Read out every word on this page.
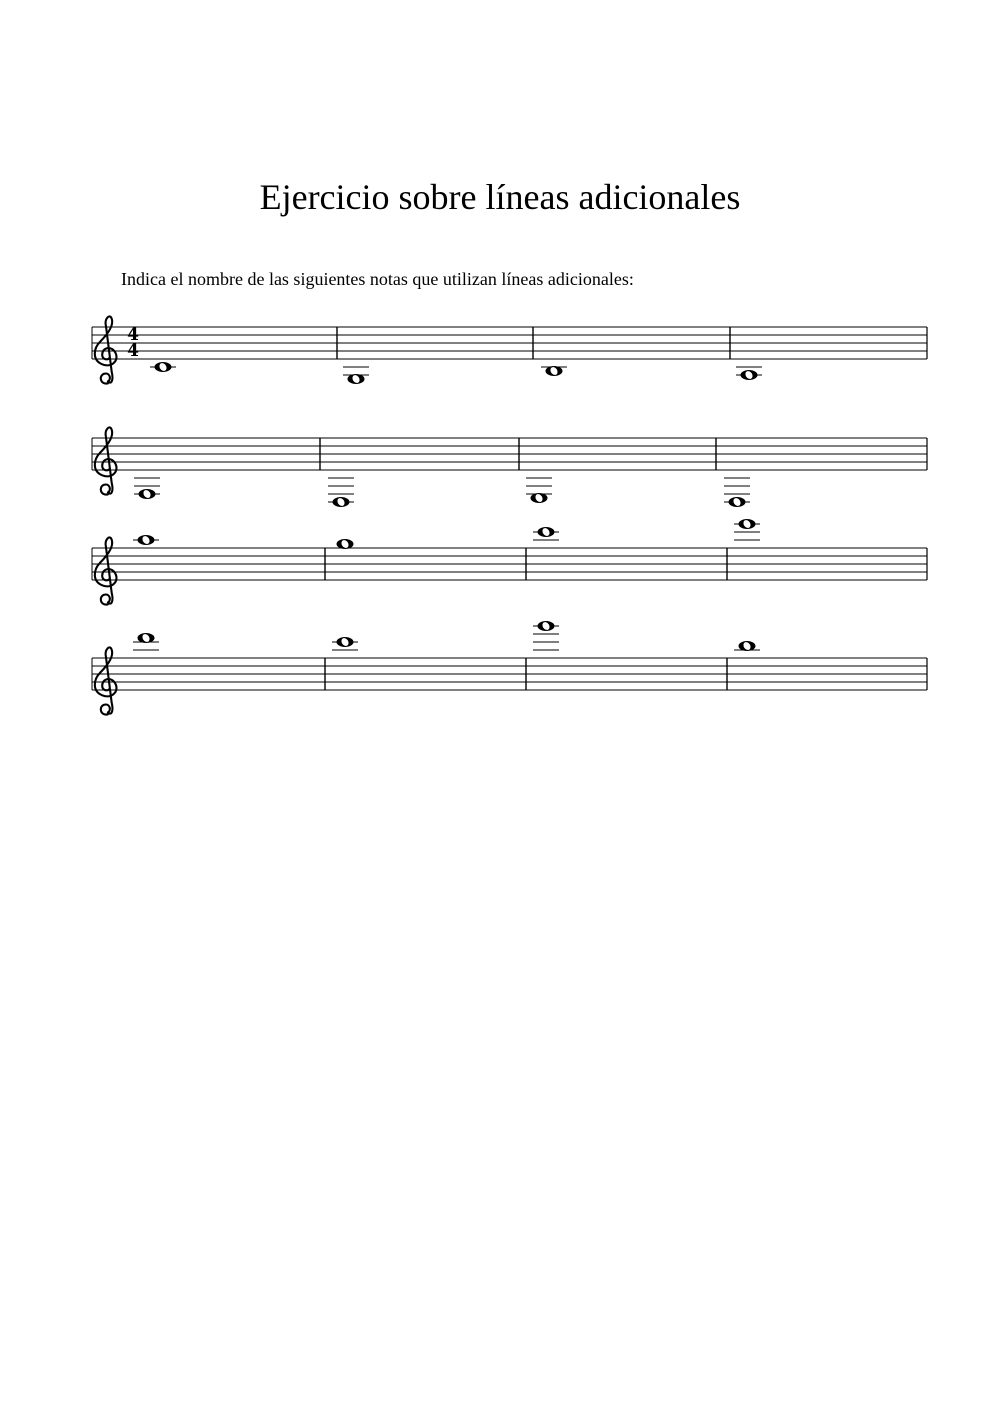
Ejercicio sobre líneas adicionales
Indica el nombre de las siguientes notas que utilizan líneas adicionales:
4
4
